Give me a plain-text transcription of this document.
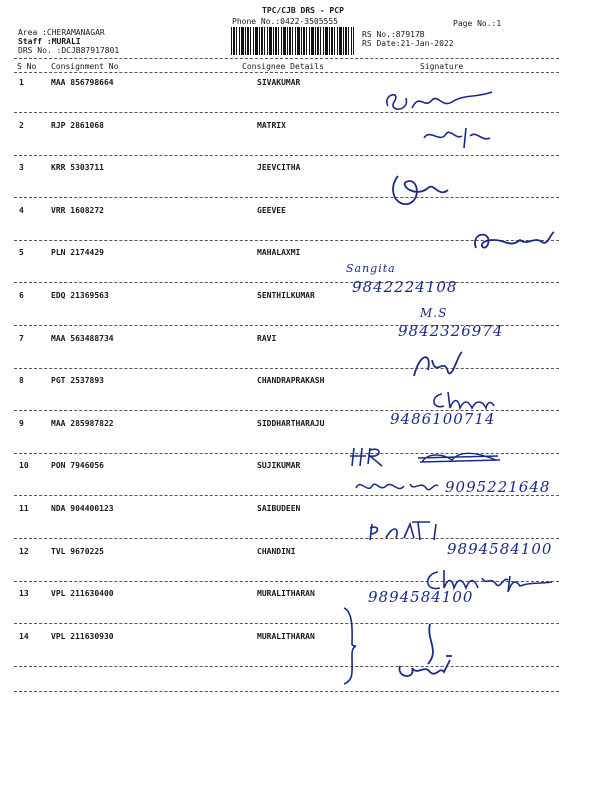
TPC/CJB DRS - PCP
Phone No.:0422-3505555	Page No.:1
Area :CHERAMANAGAR
Staff :MURALI
DRS No. :DCJB87917801
RS No.:87917B
RS Date:21-Jan-2022
S No Consignment No	Consignee Details	Signature
1	MAA 856798664	SIVAKUMAR
2	RJP 2861068	MATRIX
3	KRR 5303711	JEEVCITHA
4	VRR 1608272	GEEVEE
5	PLN 2174429	MAHALAXMI
6	EDQ 21369563	SENTHILKUMAR
7	MAA 563488734	RAVI
8	PGT 2537893	CHANDRAPRAKASH
9	MAA 285987822	SIDDHARTHARAJU
10	PON 7946056	SUJIKUMAR
11	NDA 904400123	SAIBUDEEN
12	TVL 9670225	CHANDINI
13	VPL 211630400	MURALITHARAN
14	VPL 211630930	MURALITHARAN
Sangita
9842224108
M.S
9842326974
9486100714
9095221648
9894584100
9894584100
